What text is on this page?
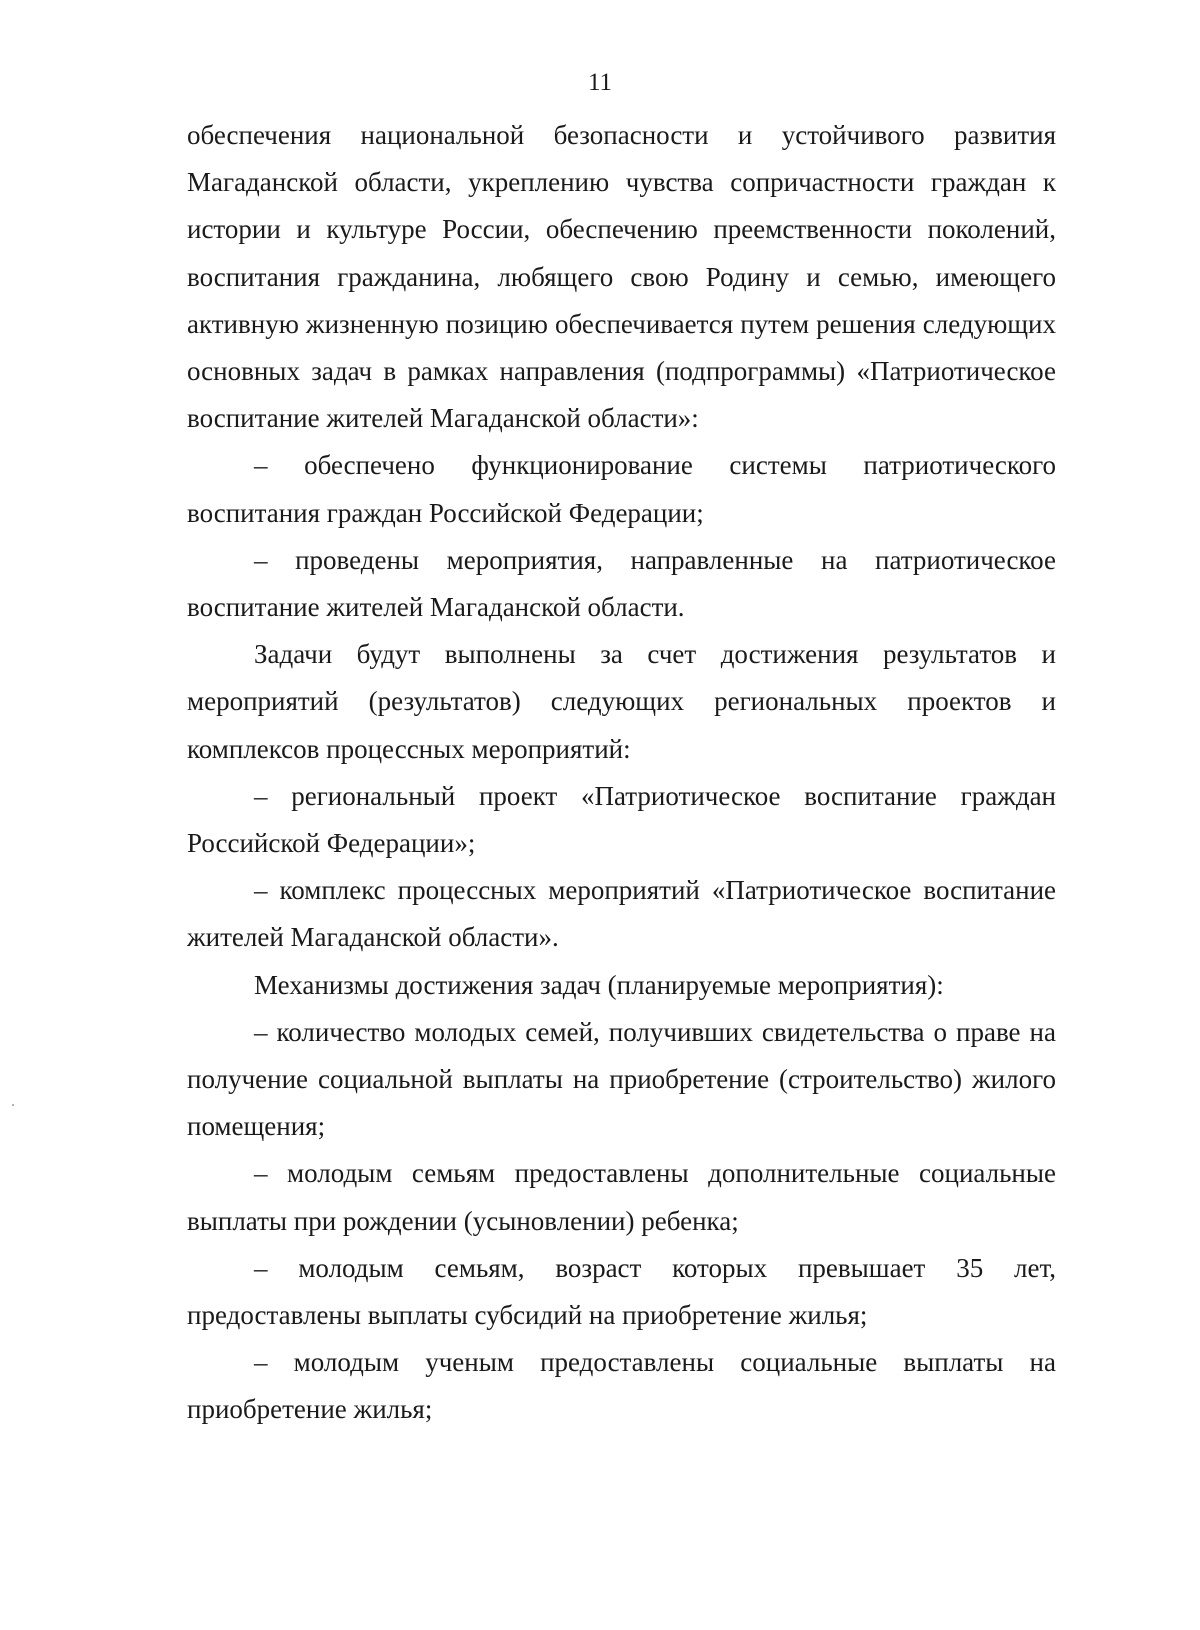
11

обеспечения национальной безопасности и устойчивого развития Магаданской области, укреплению чувства сопричастности граждан к истории и культуре России, обеспечению преемственности поколений, воспитания гражданина, любящего свою Родину и семью, имеющего активную жизненную позицию обеспечивается путем решения следующих основных задач в рамках направления (подпрограммы) «Патриотическое воспитание жителей Магаданской области»:

– обеспечено функционирование системы патриотического воспитания граждан Российской Федерации;

– проведены мероприятия, направленные на патриотическое воспитание жителей Магаданской области.

Задачи будут выполнены за счет достижения результатов и мероприятий (результатов) следующих региональных проектов и комплексов процессных мероприятий:

– региональный проект «Патриотическое воспитание граждан Российской Федерации»;

– комплекс процессных мероприятий «Патриотическое воспитание жителей Магаданской области».

Механизмы достижения задач (планируемые мероприятия):

– количество молодых семей, получивших свидетельства о праве на получение социальной выплаты на приобретение (строительство) жилого помещения;

– молодым семьям предоставлены дополнительные социальные выплаты при рождении (усыновлении) ребенка;

– молодым семьям, возраст которых превышает 35 лет, предоставлены выплаты субсидий на приобретение жилья;

– молодым ученым предоставлены социальные выплаты на приобретение жилья;
